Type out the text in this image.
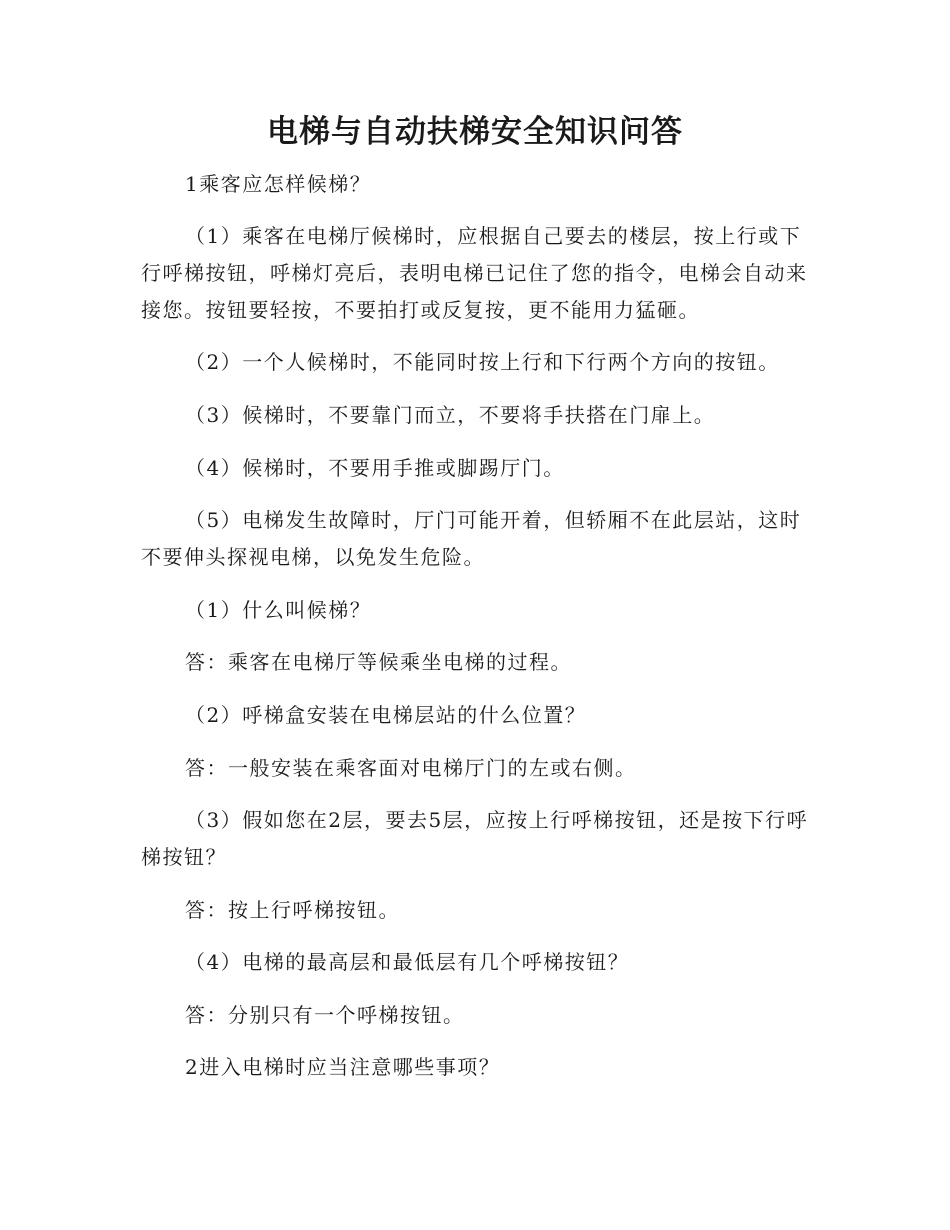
电梯与自动扶梯安全知识问答

1乘客应怎样候梯？

（1）乘客在电梯厅候梯时，应根据自己要去的楼层，按上行或下行呼梯按钮，呼梯灯亮后，表明电梯已记住了您的指令，电梯会自动来接您。按钮要轻按，不要拍打或反复按，更不能用力猛砸。

（2）一个人候梯时，不能同时按上行和下行两个方向的按钮。

（3）候梯时，不要靠门而立，不要将手扶搭在门扉上。

（4）候梯时，不要用手推或脚踢厅门。

（5）电梯发生故障时，厅门可能开着，但轿厢不在此层站，这时不要伸头探视电梯，以免发生危险。

（1）什么叫候梯？

答：乘客在电梯厅等候乘坐电梯的过程。

（2）呼梯盒安装在电梯层站的什么位置？

答：一般安装在乘客面对电梯厅门的左或右侧。

（3）假如您在2层，要去5层，应按上行呼梯按钮，还是按下行呼梯按钮？

答：按上行呼梯按钮。

（4）电梯的最高层和最低层有几个呼梯按钮？

答：分别只有一个呼梯按钮。

2进入电梯时应当注意哪些事项？
